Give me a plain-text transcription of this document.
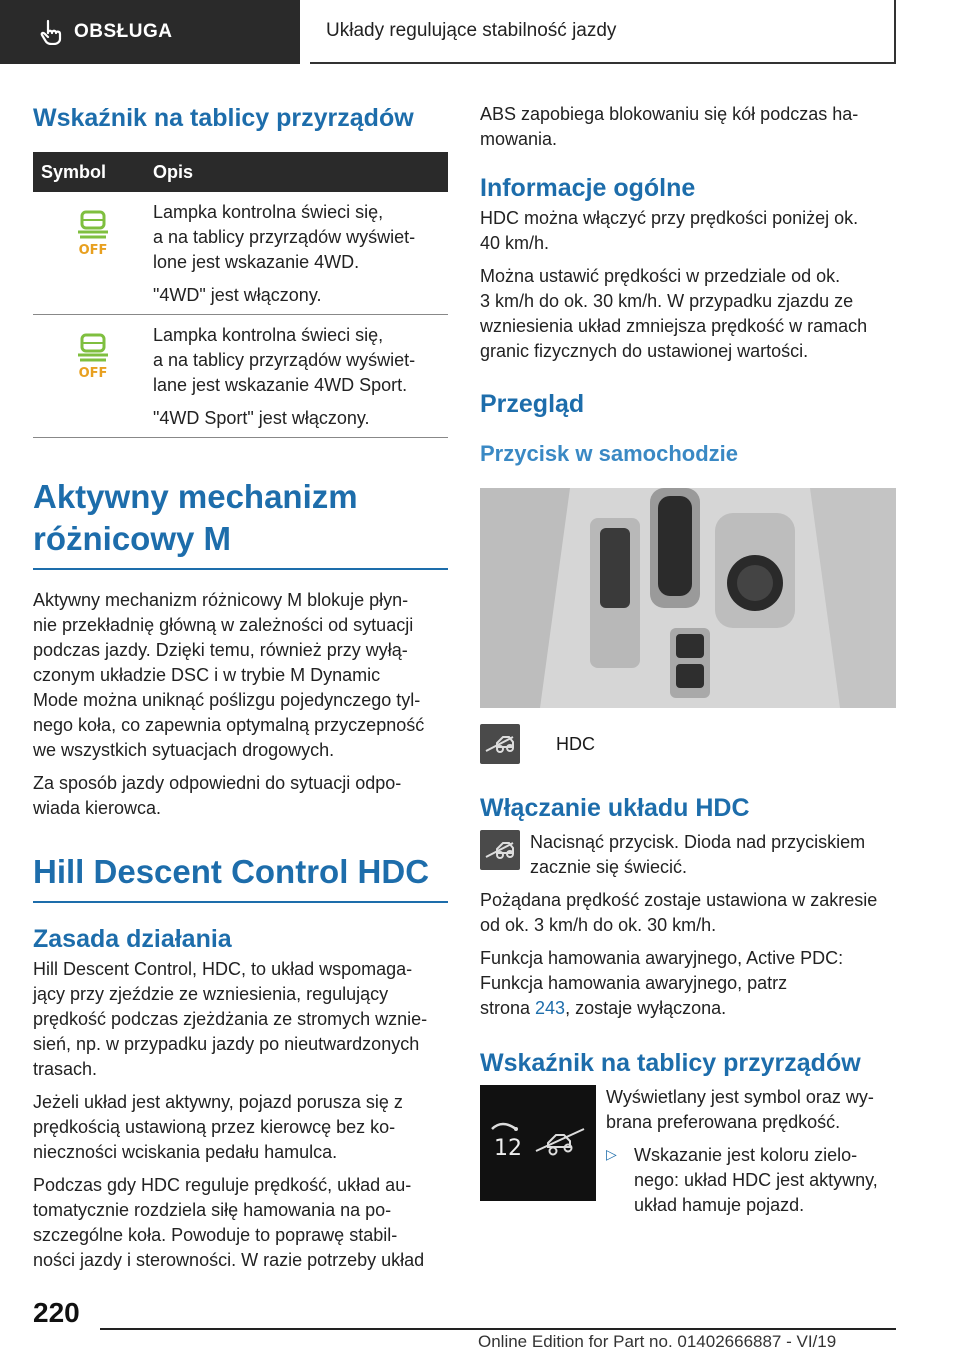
OBSŁUGA	Układy regulujące stabilność jazdy
Wskaźnik na tablicy przyrządów
Symbol	Opis
OFF
Lampka kontrolna świeci się,
a na tablicy przyrządów wyświet-
lone jest wskazanie 4WD.
"4WD" jest włączony.
OFF
Lampka kontrolna świeci się,
a na tablicy przyrządów wyświet-
lane jest wskazanie 4WD Sport.
"4WD Sport" jest włączony.
Aktywny mechanizm
różnicowy M

Aktywny mechanizm różnicowy M blokuje płyn-
nie przekładnię główną w zależności od sytuacji
podczas jazdy. Dzięki temu, również przy wyłą-
czonym układzie DSC i w trybie M Dynamic
Mode można uniknąć poślizgu pojedynczego tyl-
nego koła, co zapewnia optymalną przyczepność
we wszystkich sytuacjach drogowych.

Za sposób jazdy odpowiedni do sytuacji odpo-
wiada kierowca.

Hill Descent Control HDC
Zasada działania

Hill Descent Control, HDC, to układ wspomaga-
jący przy zjeździe ze wzniesienia, regulujący
prędkość podczas zjeżdżania ze stromych wznie-
sień, np. w przypadku jazdy po nieutwardzonych
trasach.

Jeżeli układ jest aktywny, pojazd porusza się z
prędkością ustawioną przez kierowcę bez ko-
nieczności wciskania pedału hamulca.

Podczas gdy HDC reguluje prędkość, układ au-
tomatycznie rozdziela siłę hamowania na po-
szczególne koła. Powoduje to poprawę stabil-
ności jazdy i sterowności. W razie potrzeby układ

ABS zapobiega blokowaniu się kół podczas ha-
mowania.

Informacje ogólne

HDC można włączyć przy prędkości poniżej ok.
40 km/h.

Można ustawić prędkości w przedziale od ok.
3 km/h do ok. 30 km/h. W przypadku zjazdu ze
wzniesienia układ zmniejsza prędkość w ramach
granic fizycznych do ustawionej wartości.

Przegląd
Przycisk w samochodzie
HDC
Włączanie układu HDC

Nacisnąć przycisk. Dioda nad przyciskiem
zacznie się świecić.

Pożądana prędkość zostaje ustawiona w zakresie
od ok. 3 km/h do ok. 30 km/h.

Funkcja hamowania awaryjnego, Active PDC:
Funkcja hamowania awaryjnego, patrz
strona 243, zostaje wyłączona.

Wskaźnik na tablicy przyrządów
12

Wyświetlany jest symbol oraz wy-
brana preferowana prędkość.

▷ Wskazanie jest koloru zielo-
nego: układ HDC jest aktywny,
układ hamuje pojazd.

220
Online Edition for Part no. 01402666887 - VI/19
